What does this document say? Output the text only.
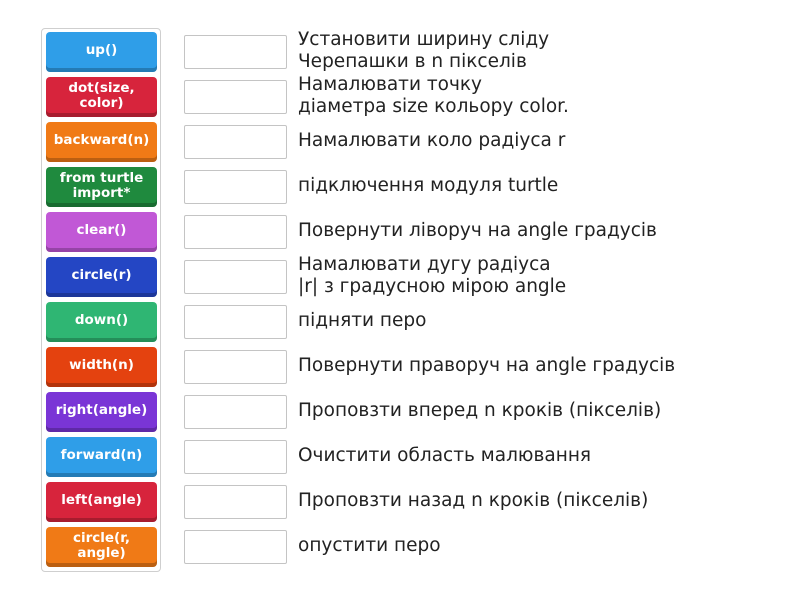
up()
dot(size, color)
backward(n)
from turtle import*
clear()
circle(r)
down()
width(n)
right(angle)
forward(n)
left(angle)
circle(r, angle)
Установити ширину сліду
Черепашки в n пікселів
Намалювати точку
діаметра size кольору color.
Намалювати коло радіуса r
підключення модуля turtle
Повернути ліворуч на angle градусів
Намалювати дугу радіуса
|r| з градусною мірою angle
підняти перо
Повернути праворуч на angle градусів
Проповзти вперед n кроків (пікселів)
Очистити область малювання
Проповзти назад n кроків (пікселів)
опустити перо
